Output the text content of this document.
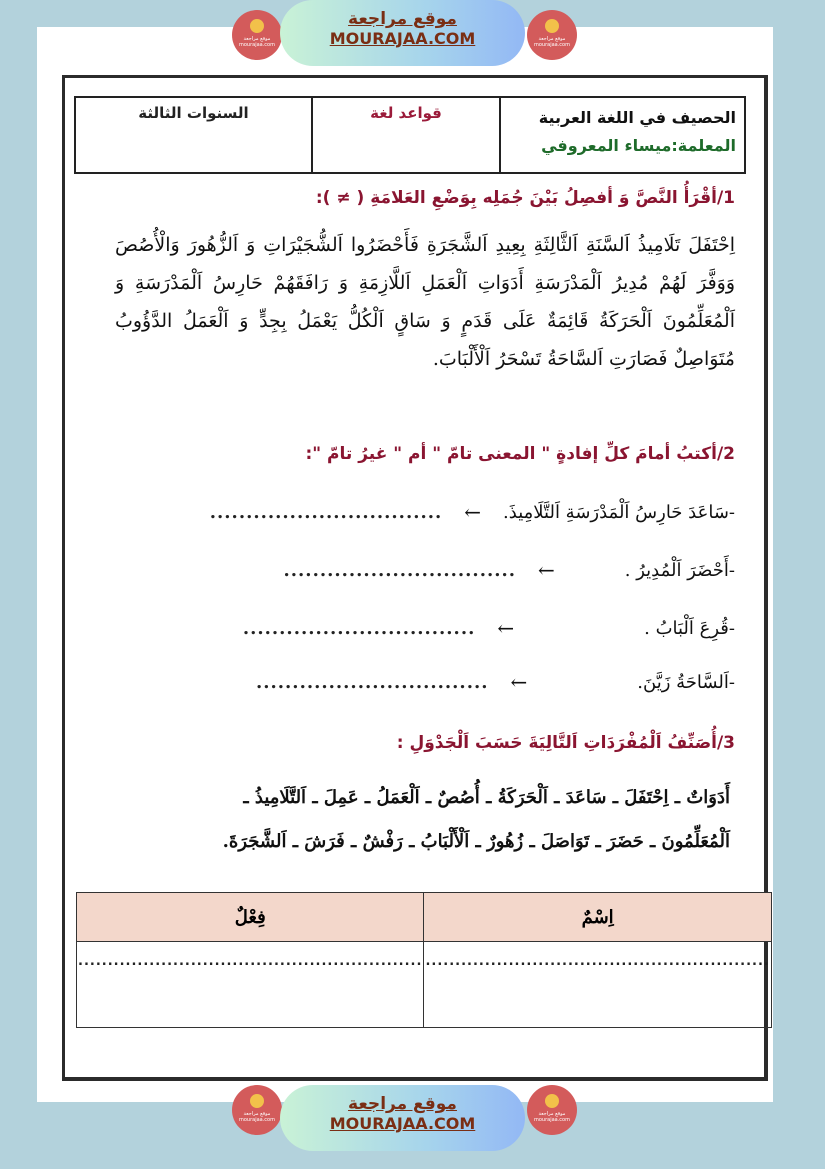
موقع مراجعة mourajaa.com
موقع مراجعة
MOURAJAA.COM	موقع مراجعة mourajaa.com
الحصيف في اللغة العربية
المعلمة:ميساء المعروفي
قواعد لغة
السنوات الثالثة
1/أقْرَأُ النَّصَّ وَ أفصِلُ بَيْنَ جُمَلِه بِوَضْعِ العَلامَةِ ( ≠ ):
اِحْتَفَلَ تَلَامِيذُ اَلسَّنَةِ اَلثَّالِثَةِ بِعِيدِ اَلشَّجَرَةِ فَأَحْضَرُوا اَلشُّجَيْرَاتِ وَ اَلزُّهُورَ وَالْأُصُصَ وَوَفَّرَ لَهُمْ مُدِيرُ اَلْمَدْرَسَةِ أَدَوَاتِ اَلْعَمَلِ اَللَّازِمَةِ وَ رَافَقَهُمْ حَارِسُ اَلْمَدْرَسَةِ وَ اَلْمُعَلِّمُونَ اَلْحَرَكَةُ قَائِمَةٌ عَلَى قَدَمٍ وَ سَاقٍ اَلْكُلُّ يَعْمَلُ بِجِدٍّ وَ اَلْعَمَلُ الدَّؤُوبُ مُتَوَاصِلٌ فَصَارَتِ اَلسَّاحَةُ تَسْحَرُ اَلْأَلْبَابَ.
2/أكتبُ أمامَ كلِّ إفادةٍ " المعنى تامّ " أم " غيرُ تامّ ":
-سَاعَدَ حَارِسُ اَلْمَدْرَسَةِ اَلتَّلَامِيذَ.
←
................................
-أَحْضَرَ اَلْمُدِيرُ .
←
................................
-قُرِعَ اَلْبَابُ .
←
................................
-اَلسَّاحَةُ زَيَّنَ.
←
................................
3/أُصَنِّفُ اَلْمُفْرَدَاتِ اَلتَّالِيَةَ حَسَبَ اَلْجَدْوَلِ :
أَدَوَاتٌ ـ اِحْتَفَلَ ـ سَاعَدَ ـ اَلْحَرَكَةُ ـ أُصُصٌ ـ اَلْعَمَلُ ـ عَمِلَ ـ اَلتَّلَامِيذُ ـ
اَلْمُعَلِّمُونَ ـ حَضَرَ ـ تَوَاصَلَ ـ زُهُورٌ ـ اَلْأَلْبَابُ ـ رَفْشٌ ـ فَرَشَ ـ اَلشَّجَرَةَ.
اِسْمٌ	فِعْلٌ
..........................................................	..........................................................
موقع مراجعة mourajaa.com
موقع مراجعة
MOURAJAA.COM	موقع مراجعة mourajaa.com
